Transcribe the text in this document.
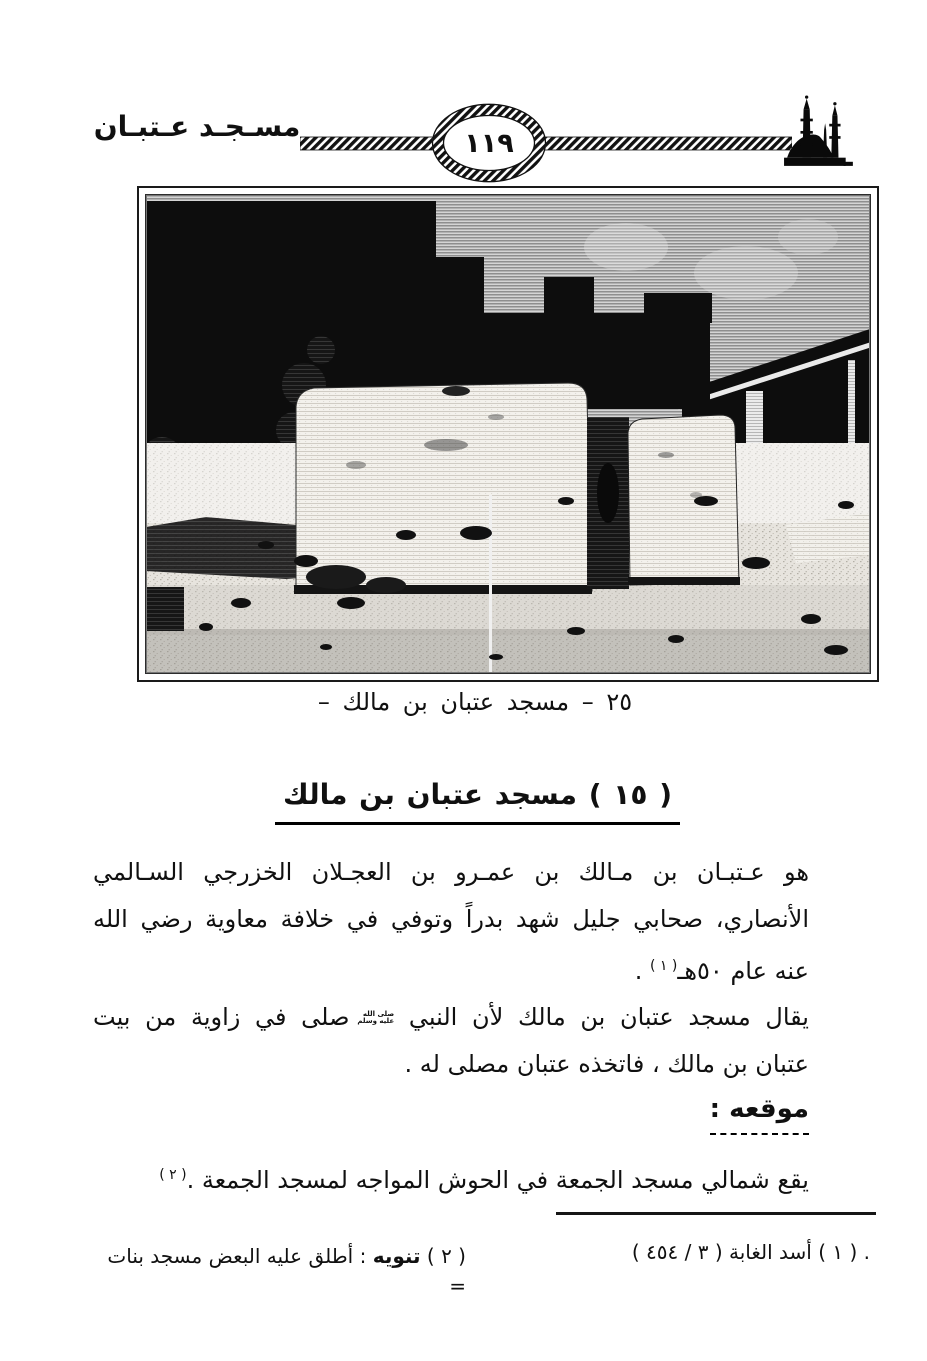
مسـجـد عـتبـان
١١٩
٢٥ – مسجد عتبان بن مالك –
( ١٥ ) مسجد عتبان بن مالك
هو عـتبـان بن مـالك بن عمـرو بن العجـلان الخزرجي السـالمي
الأنصاري، صحابي جليل شهد بدراً وتوفي في خلافة معاوية رضي الله
عنه عام ٥٠هـ$^{( ١ )}$ .
يقال مسجد عتبان بن مالك لأن النبي
صلى الله
عليه وسلم
صلى في زاوية من بيت
عتبان بن مالك ، فاتخذه عتبان مصلى له .
موقعه :
يقع شمالي مسجد الجمعة في الحوش المواجه لمسجد الجمعة .$^{( ٢ )}$
. ( ١ ) أسد الغابة ( ٣ / ٤٥٤ )
( ٢ ) تنويه : أطلق عليه البعض مسجد بنات =
